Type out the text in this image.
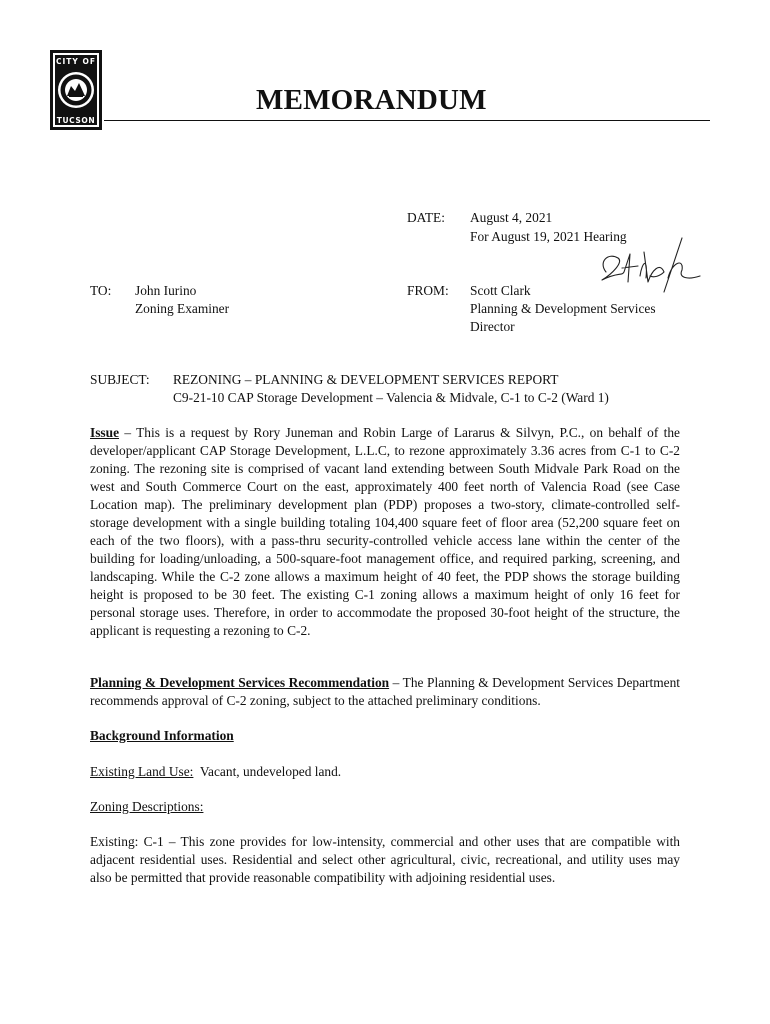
CITY OF
TUCSON
MEMORANDUM
DATE: August 4, 2021
For August 19, 2021 Hearing
TO: John Iurino
Zoning Examiner
FROM: Scott Clark
Planning & Development Services
Director
SUBJECT: REZONING – PLANNING & DEVELOPMENT SERVICES REPORT
C9-21-10 CAP Storage Development – Valencia & Midvale, C-1 to C-2 (Ward 1)
Issue – This is a request by Rory Juneman and Robin Large of Lararus & Silvyn, P.C., on behalf of the developer/applicant CAP Storage Development, L.L.C, to rezone approximately 3.36 acres from C-1 to C-2 zoning. The rezoning site is comprised of vacant land extending between South Midvale Park Road on the west and South Commerce Court on the east, approximately 400 feet north of Valencia Road (see Case Location map). The preliminary development plan (PDP) proposes a two-story, climate-controlled self-storage development with a single building totaling 104,400 square feet of floor area (52,200 square feet on each of the two floors), with a pass-thru security-controlled vehicle access lane within the center of the building for loading/unloading, a 500-square-foot management office, and required parking, screening, and landscaping. While the C-2 zone allows a maximum height of 40 feet, the PDP shows the storage building height is proposed to be 30 feet. The existing C-1 zoning allows a maximum height of only 16 feet for personal storage uses. Therefore, in order to accommodate the proposed 30-foot height of the structure, the applicant is requesting a rezoning to C-2.
Planning & Development Services Recommendation – The Planning & Development Services Department recommends approval of C-2 zoning, subject to the attached preliminary conditions.
Background Information
Existing Land Use:  Vacant, undeveloped land.
Zoning Descriptions:
Existing: C-1 – This zone provides for low-intensity, commercial and other uses that are compatible with adjacent residential uses. Residential and select other agricultural, civic, recreational, and utility uses may also be permitted that provide reasonable compatibility with adjoining residential uses.
